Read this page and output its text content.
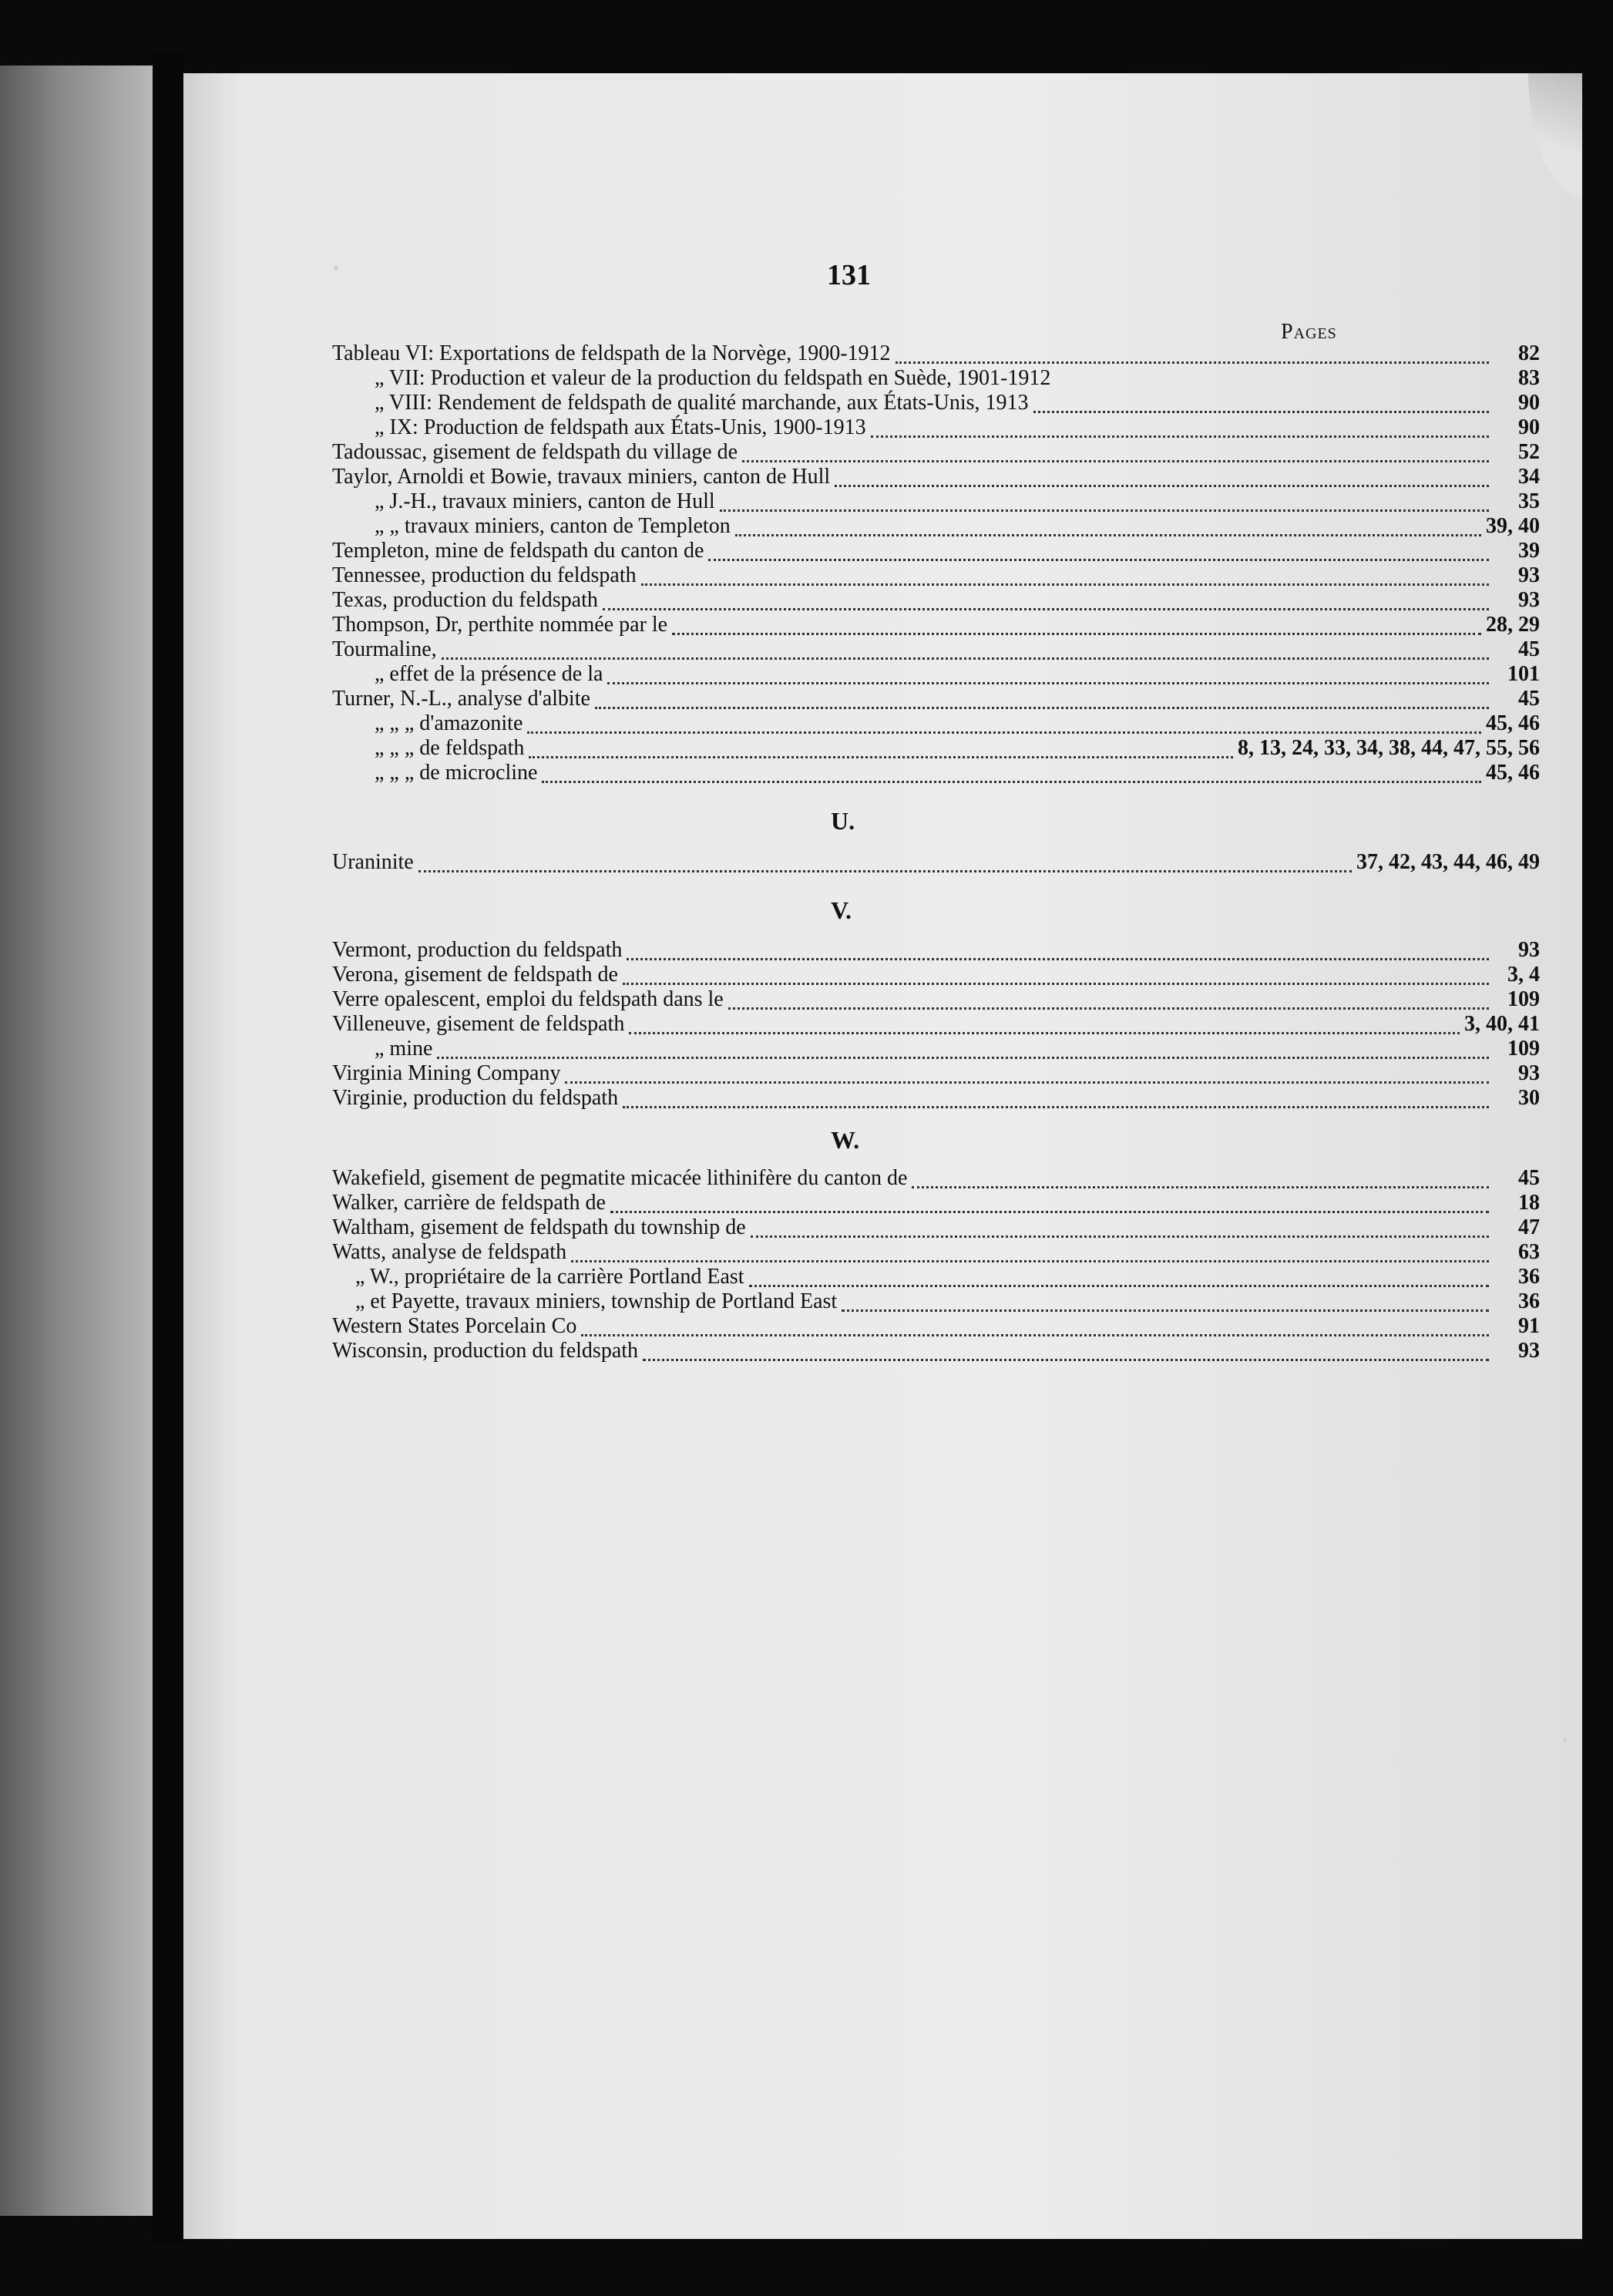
131
Pages
Tableau VI: Exportations de feldspath de la Norvège, 1900-1912	82
„ VII: Production et valeur de la production du feldspath en Suède, 1901-1912	83
„ VIII: Rendement de feldspath de qualité marchande, aux États-Unis, 1913	90
„ IX: Production de feldspath aux États-Unis, 1900-1913	90
Tadoussac, gisement de feldspath du village de	52
Taylor, Arnoldi et Bowie, travaux miniers, canton de Hull	34
„ J.-H., travaux miniers, canton de Hull	35
„ „ travaux miniers, canton de Templeton	39, 40
Templeton, mine de feldspath du canton de	39
Tennessee, production du feldspath	93
Texas, production du feldspath	93
Thompson, Dr, perthite nommée par le	28, 29
Tourmaline,	45
„ effet de la présence de la	101
Turner, N.-L., analyse d'albite	45
„ „ „ d'amazonite	45, 46
„ „ „ de feldspath	8, 13, 24, 33, 34, 38, 44, 47, 55, 56
„ „ „ de microcline	45, 46
U.
Uraninite	37, 42, 43, 44, 46, 49
V.
Vermont, production du feldspath	93
Verona, gisement de feldspath de	3, 4
Verre opalescent, emploi du feldspath dans le	109
Villeneuve, gisement de feldspath	3, 40, 41
„ mine	109
Virginia Mining Company	93
Virginie, production du feldspath	30
W.
Wakefield, gisement de pegmatite micacée lithinifère du canton de	45
Walker, carrière de feldspath de	18
Waltham, gisement de feldspath du township de	47
Watts, analyse de feldspath	63
„ W., propriétaire de la carrière Portland East	36
„ et Payette, travaux miniers, township de Portland East	36
Western States Porcelain Co	91
Wisconsin, production du feldspath	93
